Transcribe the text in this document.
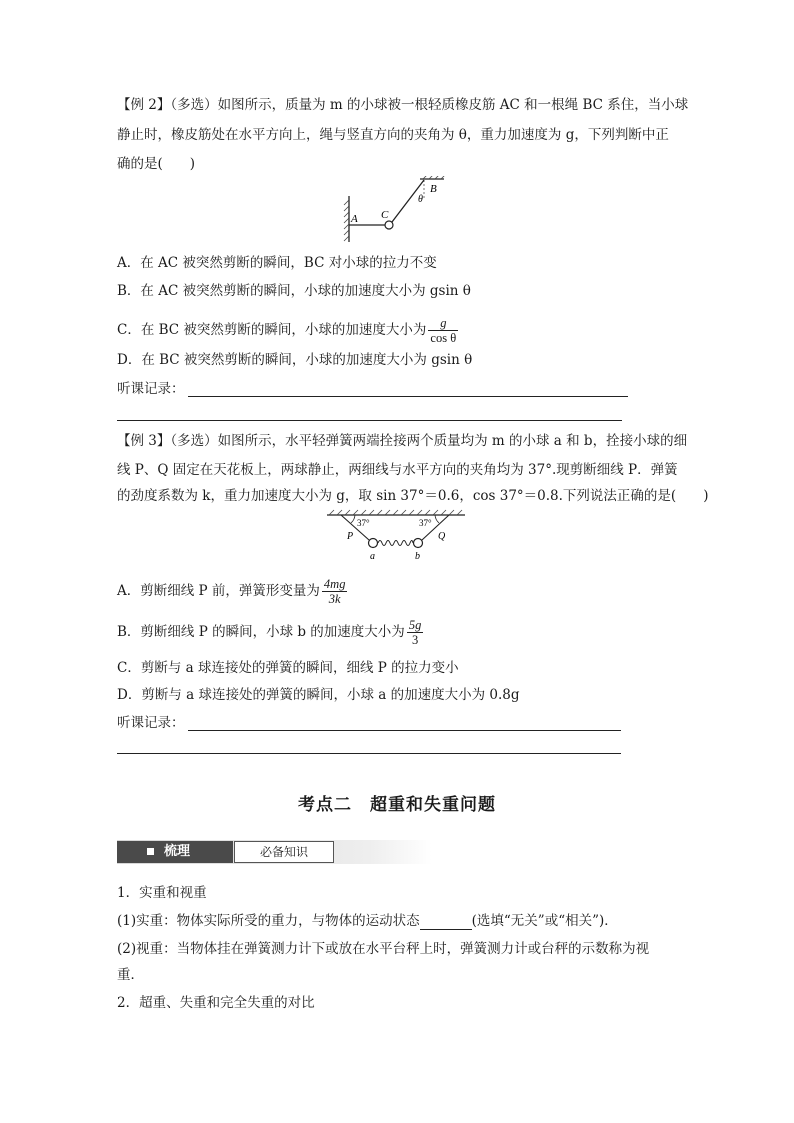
【例 2】（多选）如图所示，质量为 m 的小球被一根轻质橡皮筋 AC 和一根绳 BC 系住，当小球
静止时，橡皮筋处在水平方向上，绳与竖直方向的夹角为 θ，重力加速度为 g，下列判断中正
确的是(　　)
A C
B
θ
A．在 AC 被突然剪断的瞬间，BC 对小球的拉力不变
B．在 AC 被突然剪断的瞬间，小球的加速度大小为 gsin θ
C．在 BC 被突然剪断的瞬间，小球的加速度大小为 $\frac{g}{\text{cos θ}}$
D．在 BC 被突然剪断的瞬间，小球的加速度大小为 gsin θ
听课记录：
【例 3】（多选）如图所示，水平轻弹簧两端拴接两个质量均为 m 的小球 a 和 b，拴接小球的细
线 P、Q 固定在天花板上，两球静止，两细线与水平方向的夹角均为 37°.现剪断细线 P．弹簧
的劲度系数为 k，重力加速度大小为 g，取 sin 37°＝0.6，cos 37°＝0.8.下列说法正确的是(　　)
37°	37°
P	Q
a	b
A．剪断细线 P 前，弹簧形变量为 $\frac{4mg}{3k}$
B．剪断细线 P 的瞬间，小球 b 的加速度大小为 $\frac{5g}{3}$
C．剪断与 a 球连接处的弹簧的瞬间，细线 P 的拉力变小
D．剪断与 a 球连接处的弹簧的瞬间，小球 a 的加速度大小为 0.8g
听课记录：
考点二　超重和失重问题
梳理	必备知识
1．实重和视重
(1)实重：物体实际所受的重力，与物体的运动状态	(选填“无关”或“相关”)．
(2)视重：当物体挂在弹簧测力计下或放在水平台秤上时，弹簧测力计或台秤的示数称为视
重．
2．超重、失重和完全失重的对比
